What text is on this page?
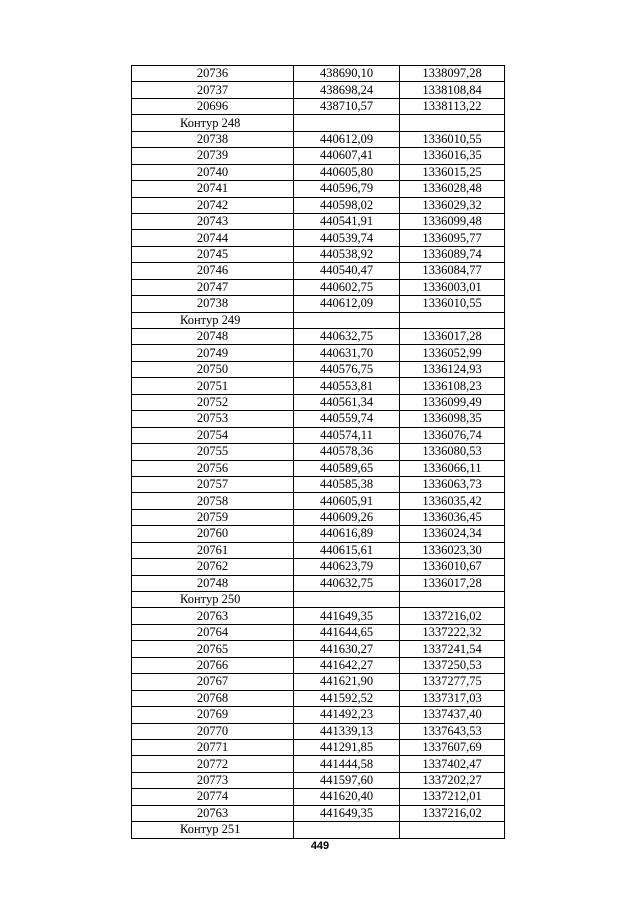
20736	438690,10	1338097,28
20737	438698,24	1338108,84
20696	438710,57	1338113,22
Контур 248		
20738	440612,09	1336010,55
20739	440607,41	1336016,35
20740	440605,80	1336015,25
20741	440596,79	1336028,48
20742	440598,02	1336029,32
20743	440541,91	1336099,48
20744	440539,74	1336095,77
20745	440538,92	1336089,74
20746	440540,47	1336084,77
20747	440602,75	1336003,01
20738	440612,09	1336010,55
Контур 249		
20748	440632,75	1336017,28
20749	440631,70	1336052,99
20750	440576,75	1336124,93
20751	440553,81	1336108,23
20752	440561,34	1336099,49
20753	440559,74	1336098,35
20754	440574,11	1336076,74
20755	440578,36	1336080,53
20756	440589,65	1336066,11
20757	440585,38	1336063,73
20758	440605,91	1336035,42
20759	440609,26	1336036,45
20760	440616,89	1336024,34
20761	440615,61	1336023,30
20762	440623,79	1336010,67
20748	440632,75	1336017,28
Контур 250		
20763	441649,35	1337216,02
20764	441644,65	1337222,32
20765	441630,27	1337241,54
20766	441642,27	1337250,53
20767	441621,90	1337277,75
20768	441592,52	1337317,03
20769	441492,23	1337437,40
20770	441339,13	1337643,53
20771	441291,85	1337607,69
20772	441444,58	1337402,47
20773	441597,60	1337202,27
20774	441620,40	1337212,01
20763	441649,35	1337216,02
Контур 251		
449
